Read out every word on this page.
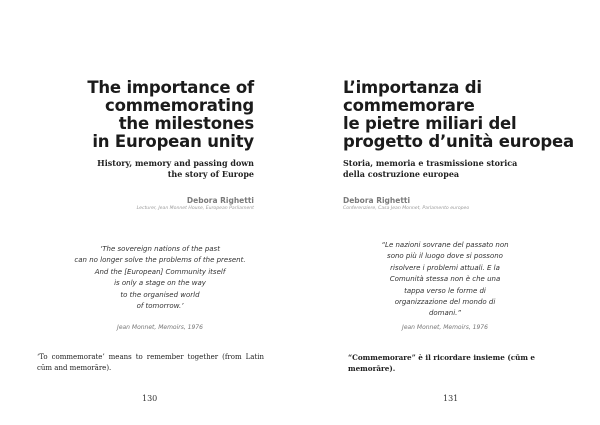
The importance of
commemorating
the milestones
in European unity

History, memory and passing down
the story of Europe

Debora Righetti

Lecturer, Jean Monnet House, European Parliament

‘The sovereign nations of the past
can no longer solve the problems of the present.
And the [European] Community itself
is only a stage on the way
to the organised world
of tomorrow.’

Jean Monnet, Memoirs, 1976

‘To commemorate’ means to remember together (from Latin
cūm and memorāre).

130

L’importanza di
commemorare
le pietre miliari del
progetto d’unità europea

Storia, memoria e trasmissione storica
della costruzione europea

Debora Righetti

Conferenziere, Casa Jean Monnet, Parlamento europeo

“Le nazioni sovrane del passato non
sono più il luogo dove si possono
risolvere i problemi attuali. E la
Comunità stessa non è che una
tappa verso le forme di
organizzazione del mondo di
domani.”

Jean Monnet, Memoirs, 1976

“Commemorare” è il ricordare insieme (cūm e memorāre).

131
